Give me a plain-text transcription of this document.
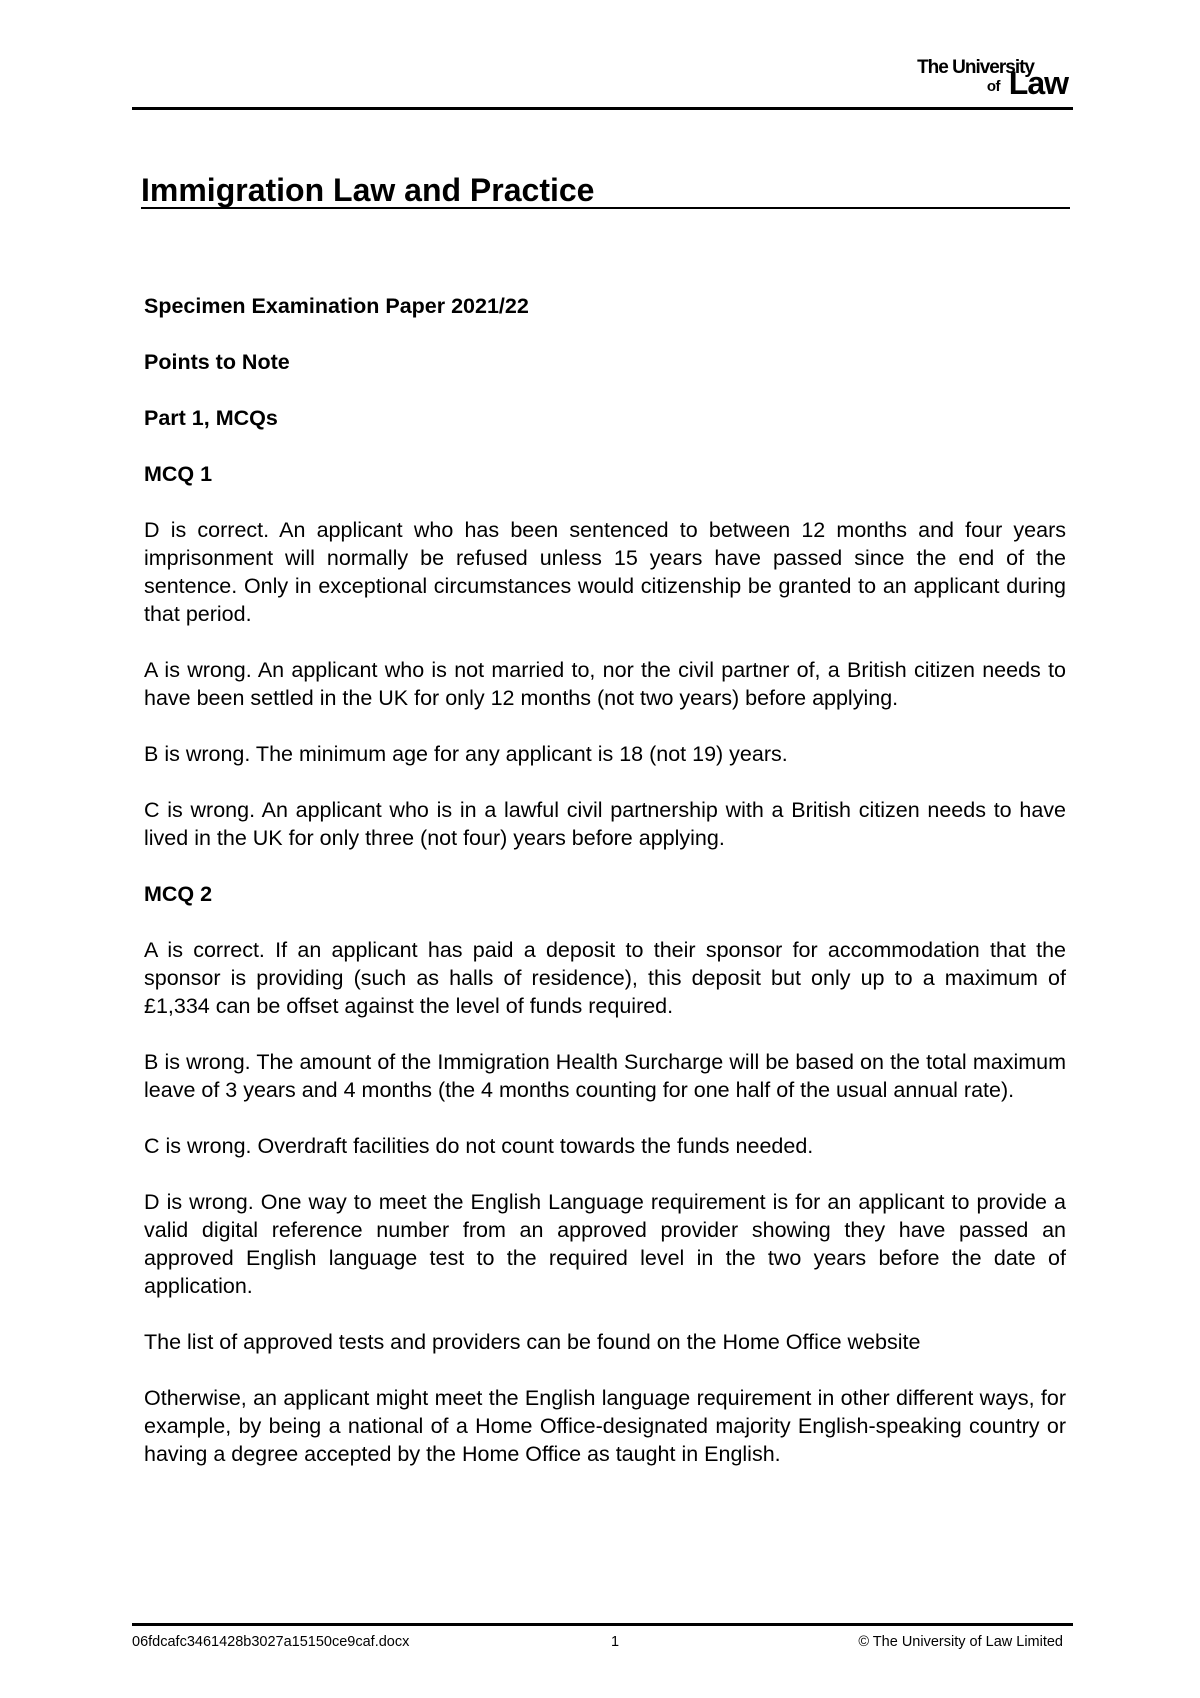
The University
of Law
Immigration Law and Practice

Specimen Examination Paper 2021/22

Points to Note

Part 1, MCQs

MCQ 1

D is correct. An applicant who has been sentenced to between 12 months and four years imprisonment will normally be refused unless 15 years have passed since the end of the sentence. Only in exceptional circumstances would citizenship be granted to an applicant during that period.

A is wrong. An applicant who is not married to, nor the civil partner of, a British citizen needs to have been settled in the UK for only 12 months (not two years) before applying.

B is wrong. The minimum age for any applicant is 18 (not 19) years.

C is wrong. An applicant who is in a lawful civil partnership with a British citizen needs to have lived in the UK for only three (not four) years before applying.

MCQ 2

A is correct. If an applicant has paid a deposit to their sponsor for accommodation that the sponsor is providing (such as halls of residence), this deposit but only up to a maximum of £1,334 can be offset against the level of funds required.

B is wrong. The amount of the Immigration Health Surcharge will be based on the total maximum leave of 3 years and 4 months (the 4 months counting for one half of the usual annual rate).

C is wrong. Overdraft facilities do not count towards the funds needed.

D is wrong. One way to meet the English Language requirement is for an applicant to provide a valid digital reference number from an approved provider showing they have passed an approved English language test to the required level in the two years before the date of application.

The list of approved tests and providers can be found on the Home Office website

Otherwise, an applicant might meet the English language requirement in other different ways, for example, by being a national of a Home Office-designated majority English-speaking country or having a degree accepted by the Home Office as taught in English.

06fdcafc3461428b3027a15150ce9caf.docx	1	© The University of Law Limited
